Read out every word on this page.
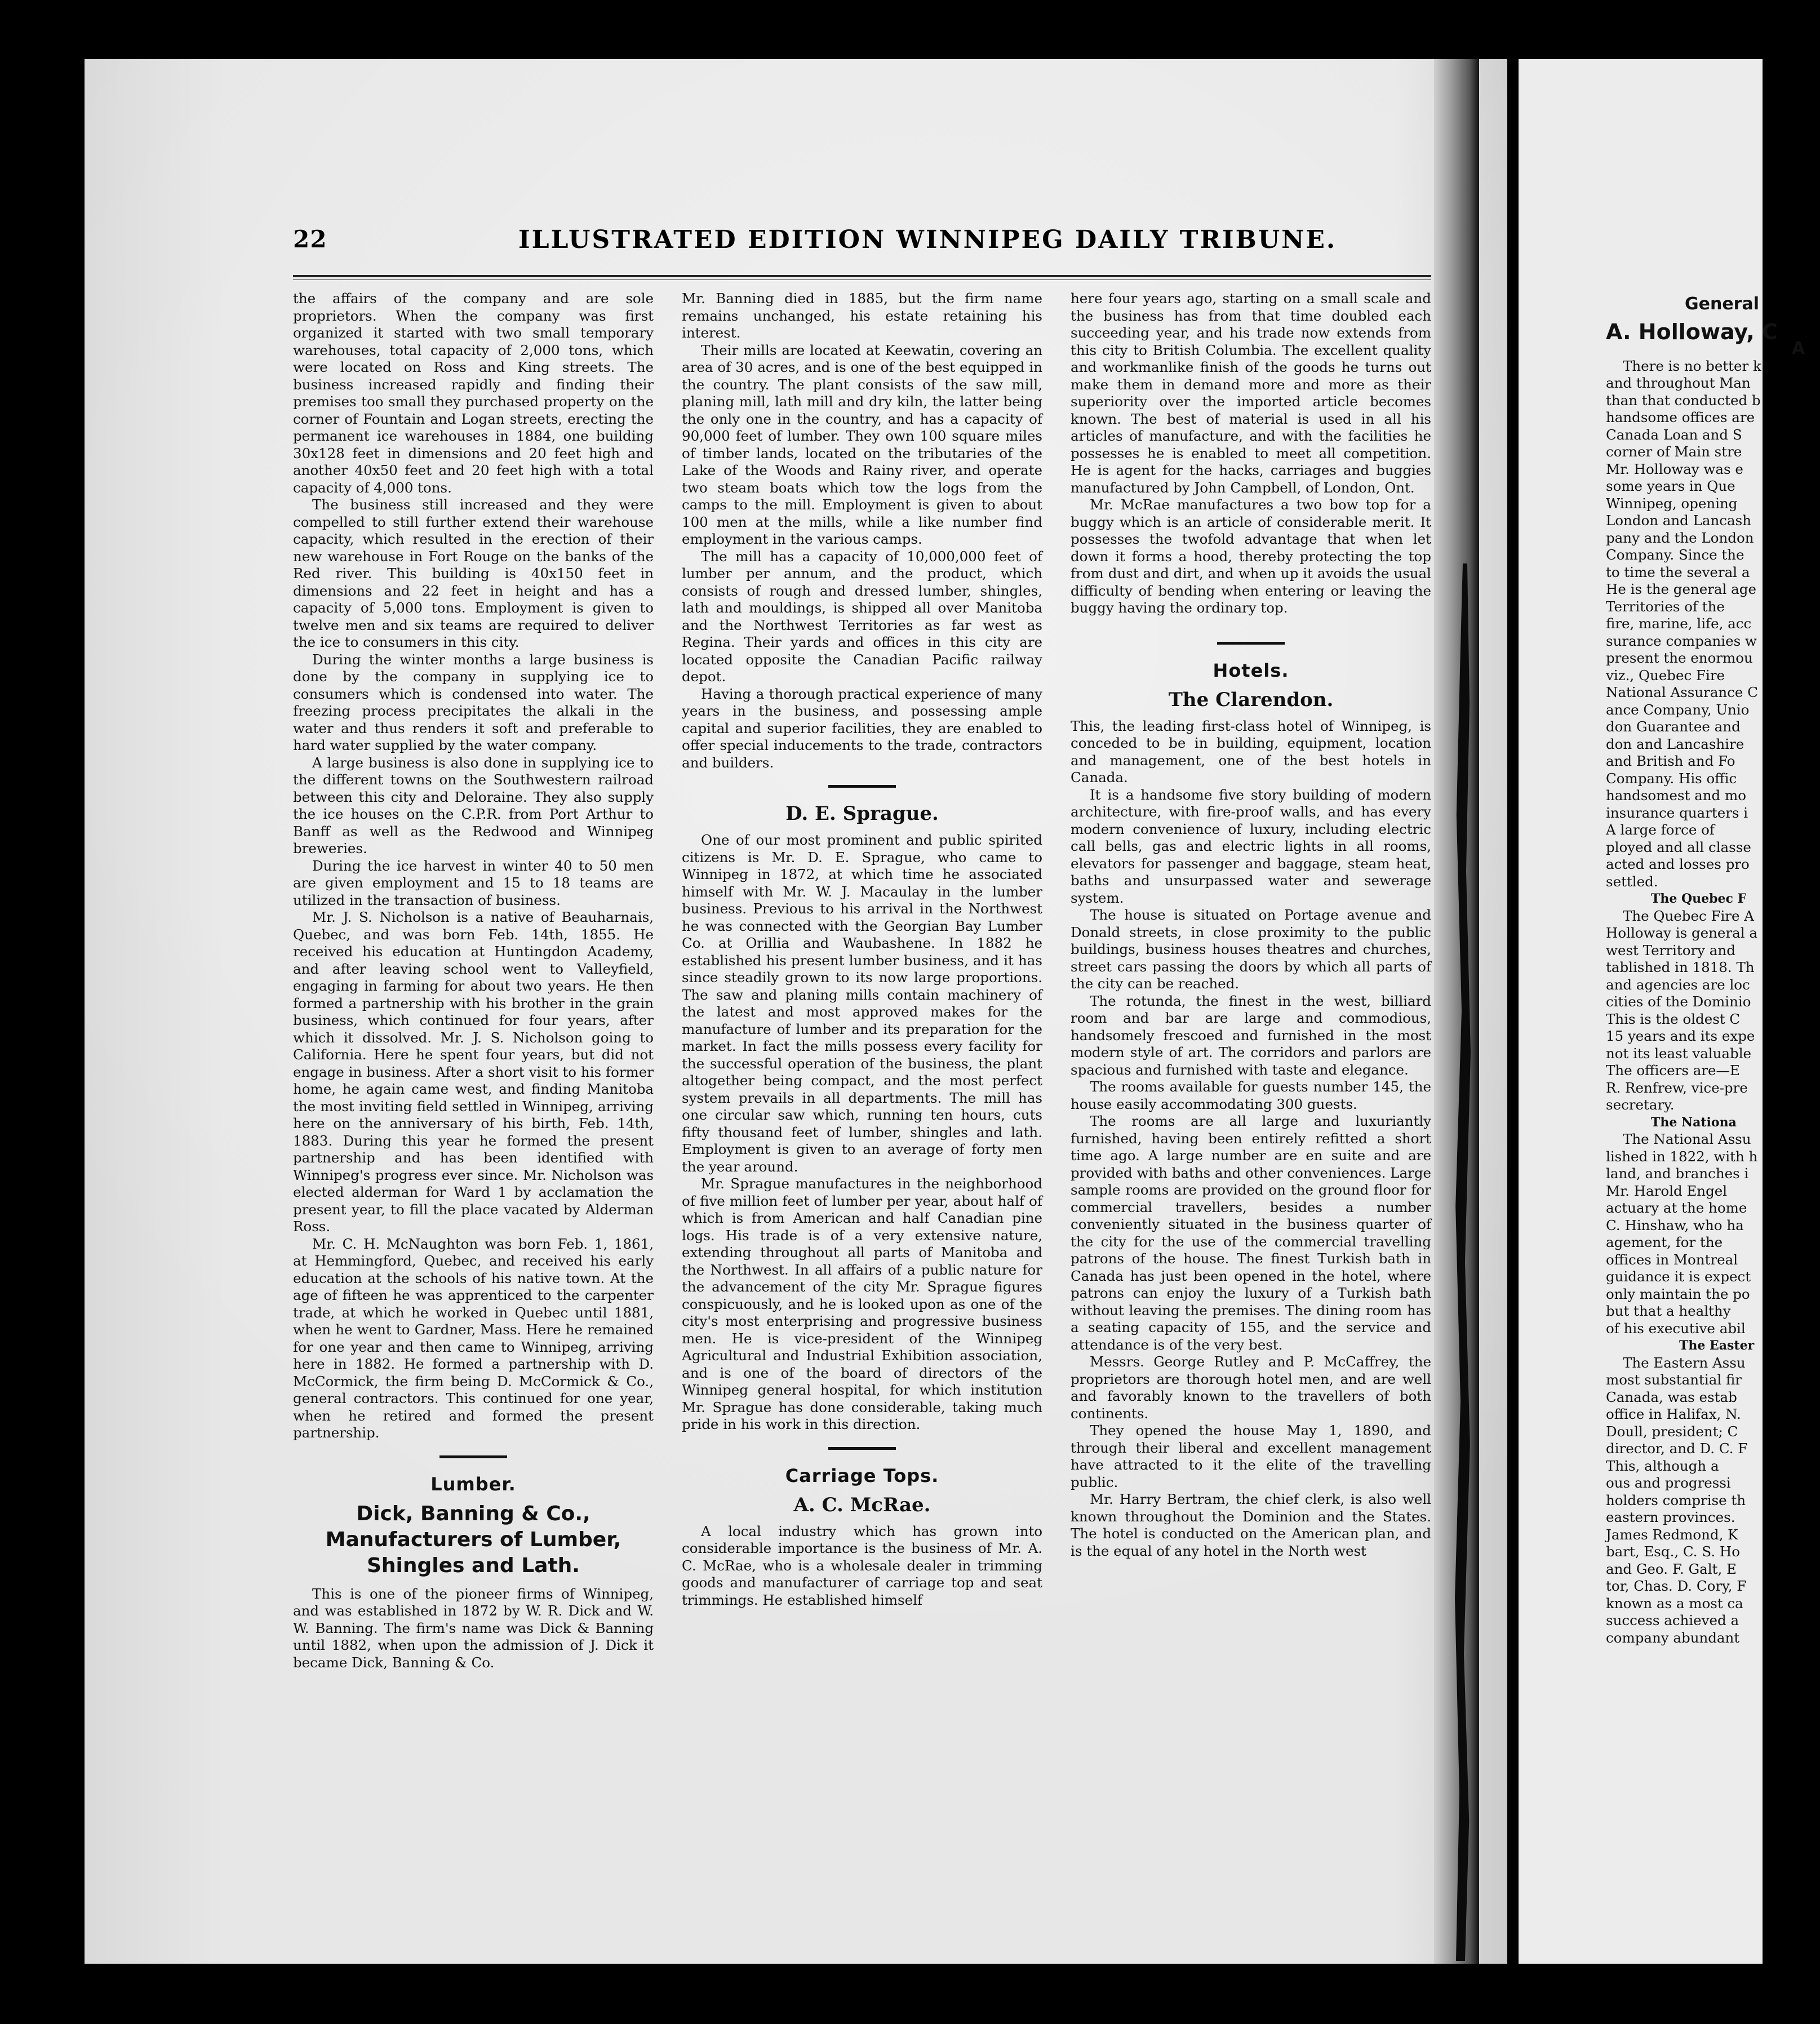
General
A. Holloway, C
A

There is no better k

and throughout Man

than that conducted b

handsome offices are

Canada Loan and S

corner of Main stre

Mr. Holloway was e

some years in Que

Winnipeg, opening

London and Lancash

pany and the London

Company. Since the

to time the several a

He is the general age

Territories of the

fire, marine, life, acc

surance companies w

present the enormou

viz., Quebec Fire

National Assurance C

ance Company, Unio

don Guarantee and

don and Lancashire

and British and Fo

Company. His offic

handsomest and mo

insurance quarters i

A large force of

ployed and all classe

acted and losses pro

settled.

The Quebec F

The Quebec Fire A

Holloway is general a

west Territory and

tablished in 1818. Th

and agencies are loc

cities of the Dominio

This is the oldest C

15 years and its expe

not its least valuable

The officers are—E

R. Renfrew, vice-pre

secretary.

The Nationa

The National Assu

lished in 1822, with h

land, and branches i

Mr. Harold Engel

actuary at the home

C. Hinshaw, who ha

agement, for the

offices in Montreal

guidance it is expect

only maintain the po

but that a healthy

of his executive abil

The Easter

The Eastern Assu

most substantial fir

Canada, was estab

office in Halifax, N.

Doull, president; C

director, and D. C. F

This, although a

ous and progressi

holders comprise th

eastern provinces.

James Redmond, K

bart, Esq., C. S. Ho

and Geo. F. Galt, E

tor, Chas. D. Cory, F

known as a most ca

success achieved a

company abundant

22	ILLUSTRATED EDITION WINNIPEG DAILY TRIBUNE.

the affairs of the company and are sole proprietors. When the company was first organized it started with two small temporary warehouses, total capacity of 2,000 tons, which were located on Ross and King streets. The business increased rapidly and finding their premises too small they purchased property on the corner of Fountain and Logan streets, erecting the permanent ice warehouses in 1884, one building 30x128 feet in dimensions and 20 feet high and another 40x50 feet and 20 feet high with a total capacity of 4,000 tons.

The business still increased and they were compelled to still further extend their warehouse capacity, which resulted in the erection of their new warehouse in Fort Rouge on the banks of the Red river. This building is 40x150 feet in dimensions and 22 feet in height and has a capacity of 5,000 tons. Employment is given to twelve men and six teams are required to deliver the ice to consumers in this city.

During the winter months a large business is done by the company in supplying ice to consumers which is condensed into water. The freezing process precipitates the alkali in the water and thus renders it soft and preferable to hard water supplied by the water company.

A large business is also done in supplying ice to the different towns on the Southwestern railroad between this city and Deloraine. They also supply the ice houses on the C.P.R. from Port Arthur to Banff as well as the Redwood and Winnipeg breweries.

During the ice harvest in winter 40 to 50 men are given employment and 15 to 18 teams are utilized in the transaction of business.

Mr. J. S. Nicholson is a native of Beauharnais, Quebec, and was born Feb. 14th, 1855. He received his education at Huntingdon Academy, and after leaving school went to Valleyfield, engaging in farming for about two years. He then formed a partnership with his brother in the grain business, which continued for four years, after which it dissolved. Mr. J. S. Nicholson going to California. Here he spent four years, but did not engage in business. After a short visit to his former home, he again came west, and finding Manitoba the most inviting field settled in Winnipeg, arriving here on the anniversary of his birth, Feb. 14th, 1883. During this year he formed the present partnership and has been identified with Winnipeg's progress ever since. Mr. Nicholson was elected alderman for Ward 1 by acclamation the present year, to fill the place vacated by Alderman Ross.

Mr. C. H. McNaughton was born Feb. 1, 1861, at Hemmingford, Quebec, and received his early education at the schools of his native town. At the age of fifteen he was apprenticed to the carpenter trade, at which he worked in Quebec until 1881, when he went to Gardner, Mass. Here he remained for one year and then came to Winnipeg, arriving here in 1882. He formed a partnership with D. McCormick, the firm being D. McCormick & Co., general contractors. This continued for one year, when he retired and formed the present partnership.

Lumber.
Dick, Banning & Co., Manufacturers of Lumber, Shingles and Lath.

This is one of the pioneer firms of Winnipeg, and was established in 1872 by W. R. Dick and W. W. Banning. The firm's name was Dick & Banning until 1882, when upon the admission of J. Dick it became Dick, Banning & Co.

Mr. Banning died in 1885, but the firm name remains unchanged, his estate retaining his interest.

Their mills are located at Keewatin, covering an area of 30 acres, and is one of the best equipped in the country. The plant consists of the saw mill, planing mill, lath mill and dry kiln, the latter being the only one in the country, and has a capacity of 90,000 feet of lumber. They own 100 square miles of timber lands, located on the tributaries of the Lake of the Woods and Rainy river, and operate two steam boats which tow the logs from the camps to the mill. Employment is given to about 100 men at the mills, while a like number find employment in the various camps.

The mill has a capacity of 10,000,000 feet of lumber per annum, and the product, which consists of rough and dressed lumber, shingles, lath and mouldings, is shipped all over Manitoba and the Northwest Territories as far west as Regina. Their yards and offices in this city are located opposite the Canadian Pacific railway depot.

Having a thorough practical experience of many years in the business, and possessing ample capital and superior facilities, they are enabled to offer special inducements to the trade, contractors and builders.

D. E. Sprague.

One of our most prominent and public spirited citizens is Mr. D. E. Sprague, who came to Winnipeg in 1872, at which time he associated himself with Mr. W. J. Macaulay in the lumber business. Previous to his arrival in the Northwest he was connected with the Georgian Bay Lumber Co. at Orillia and Waubashene. In 1882 he established his present lumber business, and it has since steadily grown to its now large proportions. The saw and planing mills contain machinery of the latest and most approved makes for the manufacture of lumber and its preparation for the market. In fact the mills possess every facility for the successful operation of the business, the plant altogether being compact, and the most perfect system prevails in all departments. The mill has one circular saw which, running ten hours, cuts fifty thousand feet of lumber, shingles and lath. Employment is given to an average of forty men the year around.

Mr. Sprague manufactures in the neighborhood of five million feet of lumber per year, about half of which is from American and half Canadian pine logs. His trade is of a very extensive nature, extending throughout all parts of Manitoba and the Northwest. In all affairs of a public nature for the advancement of the city Mr. Sprague figures conspicuously, and he is looked upon as one of the city's most enterprising and progressive business men. He is vice-president of the Winnipeg Agricultural and Industrial Exhibition association, and is one of the board of directors of the Winnipeg general hospital, for which institution Mr. Sprague has done considerable, taking much pride in his work in this direction.

Carriage Tops.
A. C. McRae.

A local industry which has grown into considerable importance is the business of Mr. A. C. McRae, who is a wholesale dealer in trimming goods and manufacturer of carriage top and seat trimmings. He established himself

here four years ago, starting on a small scale and the business has from that time doubled each succeeding year, and his trade now extends from this city to British Columbia. The excellent quality and workmanlike finish of the goods he turns out make them in demand more and more as their superiority over the imported article becomes known. The best of material is used in all his articles of manufacture, and with the facilities he possesses he is enabled to meet all competition. He is agent for the hacks, carriages and buggies manufactured by John Campbell, of London, Ont.

Mr. McRae manufactures a two bow top for a buggy which is an article of considerable merit. It possesses the twofold advantage that when let down it forms a hood, thereby protecting the top from dust and dirt, and when up it avoids the usual difficulty of bending when entering or leaving the buggy having the ordinary top.

Hotels.
The Clarendon.

This, the leading first-class hotel of Winnipeg, is conceded to be in building, equipment, location and management, one of the best hotels in Canada.

It is a handsome five story building of modern architecture, with fire-proof walls, and has every modern convenience of luxury, including electric call bells, gas and electric lights in all rooms, elevators for passenger and baggage, steam heat, baths and unsurpassed water and sewerage system.

The house is situated on Portage avenue and Donald streets, in close proximity to the public buildings, business houses theatres and churches, street cars passing the doors by which all parts of the city can be reached.

The rotunda, the finest in the west, billiard room and bar are large and commodious, handsomely frescoed and furnished in the most modern style of art. The corridors and parlors are spacious and furnished with taste and elegance.

The rooms available for guests number 145, the house easily accommodating 300 guests.

The rooms are all large and luxuriantly furnished, having been entirely refitted a short time ago. A large number are en suite and are provided with baths and other conveniences. Large sample rooms are provided on the ground floor for commercial travellers, besides a number conveniently situated in the business quarter of the city for the use of the commercial travelling patrons of the house. The finest Turkish bath in Canada has just been opened in the hotel, where patrons can enjoy the luxury of a Turkish bath without leaving the premises. The dining room has a seating capacity of 155, and the service and attendance is of the very best.

Messrs. George Rutley and P. McCaffrey, the proprietors are thorough hotel men, and are well and favorably known to the travellers of both continents.

They opened the house May 1, 1890, and through their liberal and excellent management have attracted to it the elite of the travelling public.

Mr. Harry Bertram, the chief clerk, is also well known throughout the Dominion and the States. The hotel is conducted on the American plan, and is the equal of any hotel in the North west
